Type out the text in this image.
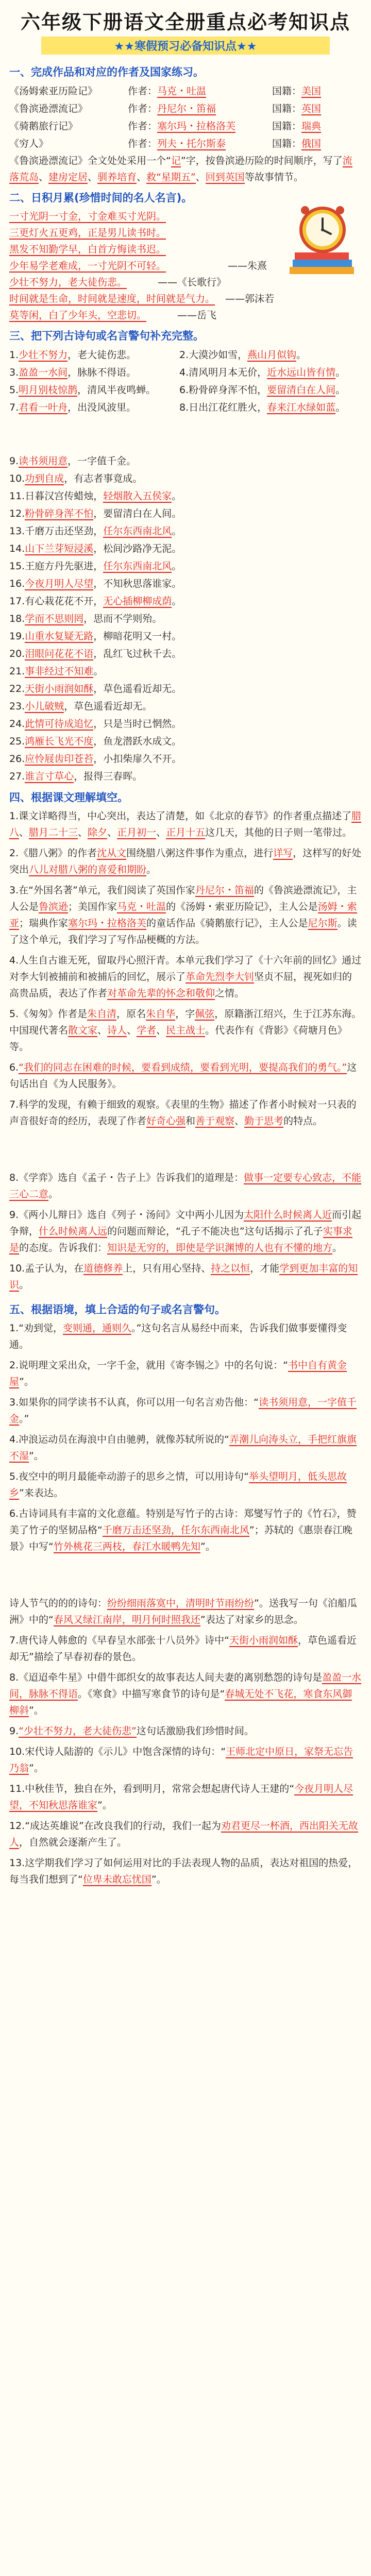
六年级下册语文全册重点必考知识点
★★寒假预习必备知识点★★
一、完成作品和对应的作者及国家练习。
《汤姆索亚历险记》	作者：马克・吐温	国籍：美国
《鲁滨逊漂流记》	作者：丹尼尔・笛福	国籍：英国
《骑鹅旅行记》	作者：塞尔玛・拉格洛芙	国籍：瑞典
《穷人》	作者：列夫・托尔斯泰	国籍：俄国
《鲁滨逊漂流记》全文处处采用一个“记”字，按鲁滨逊历险的时间顺序，写了流落荒岛、建房定居、驯养培育、救“星期五”、回到英国等故事情节。
二、日积月累(珍惜时间的名人名言)。
一寸光阴一寸金，寸金难买寸光阴。
三更灯火五更鸡，正是男儿读书时。
黑发不知勤学早，白首方悔读书迟。
少年易学老难成，一寸光阴不可轻。	——朱熹
少壮不努力，老大徒伤悲。	——《长歌行》
时间就是生命，时间就是速度，时间就是气力。 ——郭沫若
莫等闲，白了少年头，空悲切。	——岳飞
三、把下列古诗句或名言警句补充完整。
1.少壮不努力，老大徒伤悲。	2.大漠沙如雪，燕山月似钩。
3.盈盈一水间，脉脉不得语。	4.清风明月本无价，近水远山皆有情。
5.明月别枝惊鹊，清风半夜鸣蝉。 6.粉骨碎身浑不怕，要留清白在人间。
7.君看一叶舟，出没风波里。	8.日出江花红胜火，春来江水绿如蓝。
9.读书须用意，一字值千金。
10.功到自成，有志者事竟成。
11.日暮汉宫传蜡烛，轻烟散入五侯家。
12.粉骨碎身浑不怕，要留清白在人间。
13.千磨万击还坚劲，任尔东西南北风。
14.山下兰芽短浸溪，松间沙路净无泥。
15.王庭方丹先驱进，任尔东西南北风。
16.今夜月明人尽望，不知秋思落谁家。
17.有心栽花花不开，无心插柳柳成荫。
18.学而不思则罔，思而不学则殆。
19.山重水复疑无路，柳暗花明又一村。
20.泪眼问花花不语，乱红飞过秋千去。
21.事非经过不知难。
22.天街小雨润如酥，草色遥看近却无。
23.小儿破贼，草色遥看近却无。
24.此情可待成追忆，只是当时已惘然。
25.鸿雁长飞光不度，鱼龙潜跃水成文。
26.应怜屐齿印苍苔，小扣柴扉久不开。
27.谁言寸草心，报得三春晖。
四、根据课文理解填空。
1.课文详略得当，中心突出，表达了清楚，如《北京的春节》的作者重点描述了腊八、腊月二十三、除夕、正月初一、正月十五这几天，其他的日子则一笔带过。
2.《腊八粥》的作者沈从文围绕腊八粥这件事作为重点，进行详写，这样写的好处突出八儿对腊八粥的喜爱和期盼。
3.在“外国名著”单元，我们阅读了英国作家丹尼尔・笛福的《鲁滨逊漂流记》，主人公是鲁滨逊；美国作家马克・吐温的《汤姆・索亚历险记》，主人公是汤姆・索亚；瑞典作家塞尔玛・拉格洛芙的童话作品《骑鹅旅行记》，主人公是尼尔斯。读了这个单元，我们学习了写作品梗概的方法。
4.人生自古谁无死，留取丹心照汗青。本单元我们学习了《十六年前的回忆》通过对李大钊被捕前和被捕后的回忆，展示了革命先烈李大钊坚贞不屈，视死如归的高贵品质，表达了作者对革命先辈的怀念和敬仰之情。
5.《匆匆》作者是朱自清，原名朱自华，字佩弦，原籍浙江绍兴，生于江苏东海。中国现代著名散文家、诗人、学者、民主战士。代表作有《背影》《荷塘月色》等。
6.“我们的同志在困难的时候，要看到成绩，要看到光明，要提高我们的勇气。”这句话出自《为人民服务》。
7.科学的发现，有赖于细致的观察。《表里的生物》描述了作者小时候对一只表的声音很好奇的经历，表现了作者好奇心强和善于观察、勤于思考的特点。
8.《学弈》选自《孟子・告子上》告诉我们的道理是：做事一定要专心致志，不能三心二意。
9.《两小儿辩日》选自《列子・汤问》文中两小儿因为太阳什么时候离人近而引起争辩，什么时候离人远的问题而辩论，“孔子不能决也”这句话揭示了孔子实事求是的态度。告诉我们：知识是无穷的，即使是学识渊博的人也有不懂的地方。
10.孟子认为，在道德修养上，只有用心坚持、持之以恒，才能学到更加丰富的知识。
五、根据语境，填上合适的句子或名言警句。
1.“劝到觉，变则通，通则久。”这句名言从易经中而来，告诉我们做事要懂得变通。
2.说明理文采出众，一字千金，就用《寄李锡之》中的名句说：“书中自有黄金屋”。
3.如果你的同学读书不认真，你可以用一句名言劝告他：“读书须用意，一字值千金。”
4.冲浪运动员在海浪中自由驰骋，就像苏轼所说的“弄潮儿向涛头立，手把红旗旗不湿”。
5.夜空中的明月最能牵动游子的思乡之情，可以用诗句“举头望明月，低头思故乡”来表达。
6.古诗词具有丰富的文化意蕴。特别是写竹子的古诗：郑燮写竹子的《竹石》，赞美了竹子的坚韧品格“千磨万击还坚劲，任尔东西南北风”；苏轼的《惠崇春江晚景》中写“竹外桃花三两枝，春江水暖鸭先知”。
诗人节气的的的诗句：纷纷细雨落寞中，清明时节雨纷纷”。送我写一句《泊船瓜洲》中的“春风又绿江南岸，明月何时照我还”表达了对家乡的思念。
7.唐代诗人韩愈的《早春呈水部张十八员外》诗中“天街小雨润如酥，草色遥看近却无”描绘了早春初春的景色。
8.《迢迢牵牛星》中借牛郎织女的故事表达人间夫妻的离别愁怨的诗句是盈盈一水间，脉脉不得语。《寒食》中描写寒食节的诗句是“春城无处不飞花，寒食东风御柳斜”。
9.“少壮不努力，老大徒伤悲”这句话激励我们珍惜时间。
10.宋代诗人陆游的《示儿》中饱含深情的诗句：“王师北定中原日，家祭无忘告乃翁”。
11.中秋佳节，独自在外，看到明月，常常会想起唐代诗人王建的“今夜月明人尽望，不知秋思落谁家”。
12.“成达英雄说”在改良我们的行动，我们一起为劝君更尽一杯酒，西出阳关无故人，自然就会逐渐产生了。
13.这学期我们学习了如何运用对比的手法表现人物的品质，表达对祖国的热爱，每当我们想到了“位卑未敢忘忧国”。
